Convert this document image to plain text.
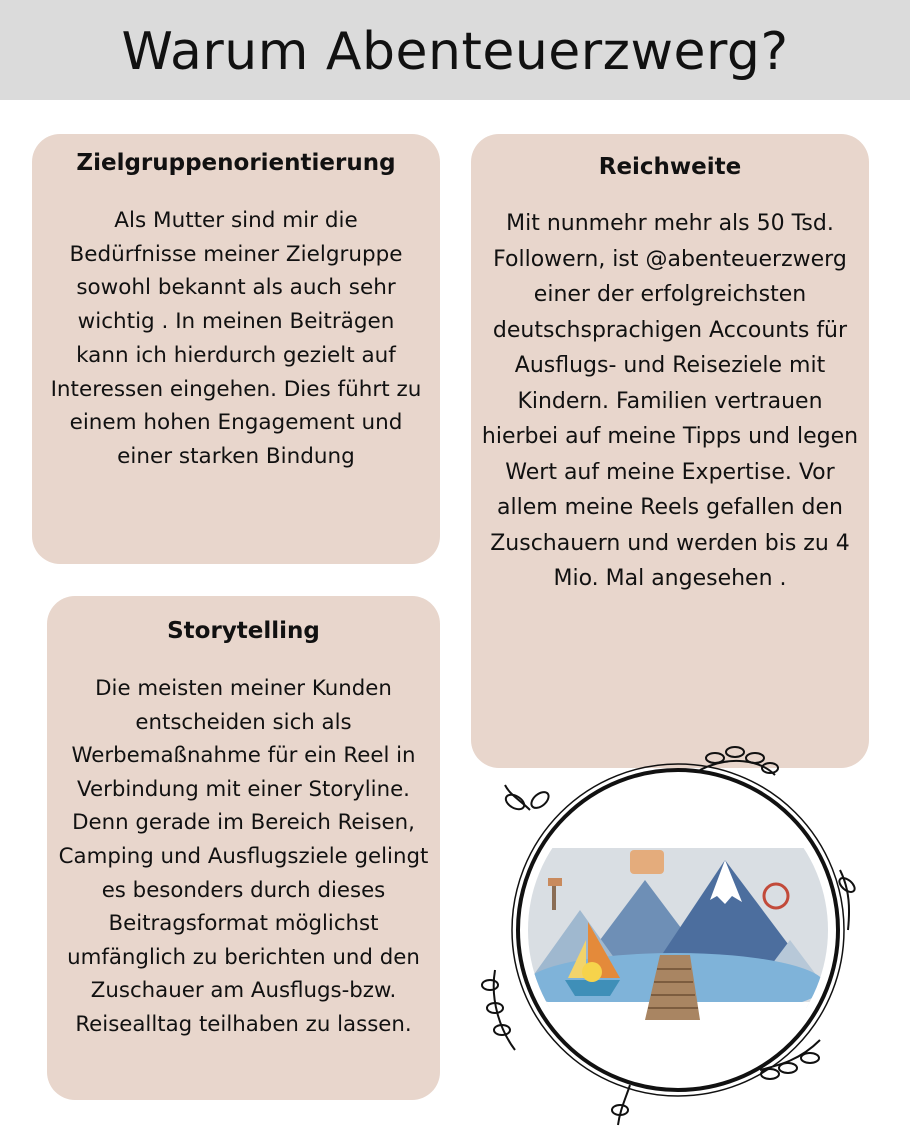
Warum Abenteuerzwerg?
Zielgruppenorientierung

Als Mutter sind mir die Bedürfnisse meiner Zielgruppe sowohl bekannt als auch sehr wichtig . In meinen Beiträgen kann ich hierdurch gezielt auf Interessen eingehen. Dies führt zu einem hohen Engagement und einer starken Bindung

Reichweite

Mit nunmehr mehr als 50 Tsd. Followern, ist @abenteuerzwerg einer der erfolgreichsten deutschsprachigen Accounts für Ausflugs- und Reiseziele mit Kindern. Familien vertrauen hierbei auf meine Tipps und legen Wert auf meine Expertise. Vor allem meine Reels gefallen den Zuschauern und werden bis zu 4 Mio. Mal angesehen .

Storytelling

Die meisten meiner Kunden entscheiden sich als Werbemaßnahme für ein Reel in Verbindung mit einer Storyline. Denn gerade im Bereich Reisen, Camping und Ausflugsziele gelingt es besonders durch dieses Beitragsformat möglichst umfänglich zu berichten und den Zuschauer am Ausflugs-bzw. Reisealltag teilhaben zu lassen.
